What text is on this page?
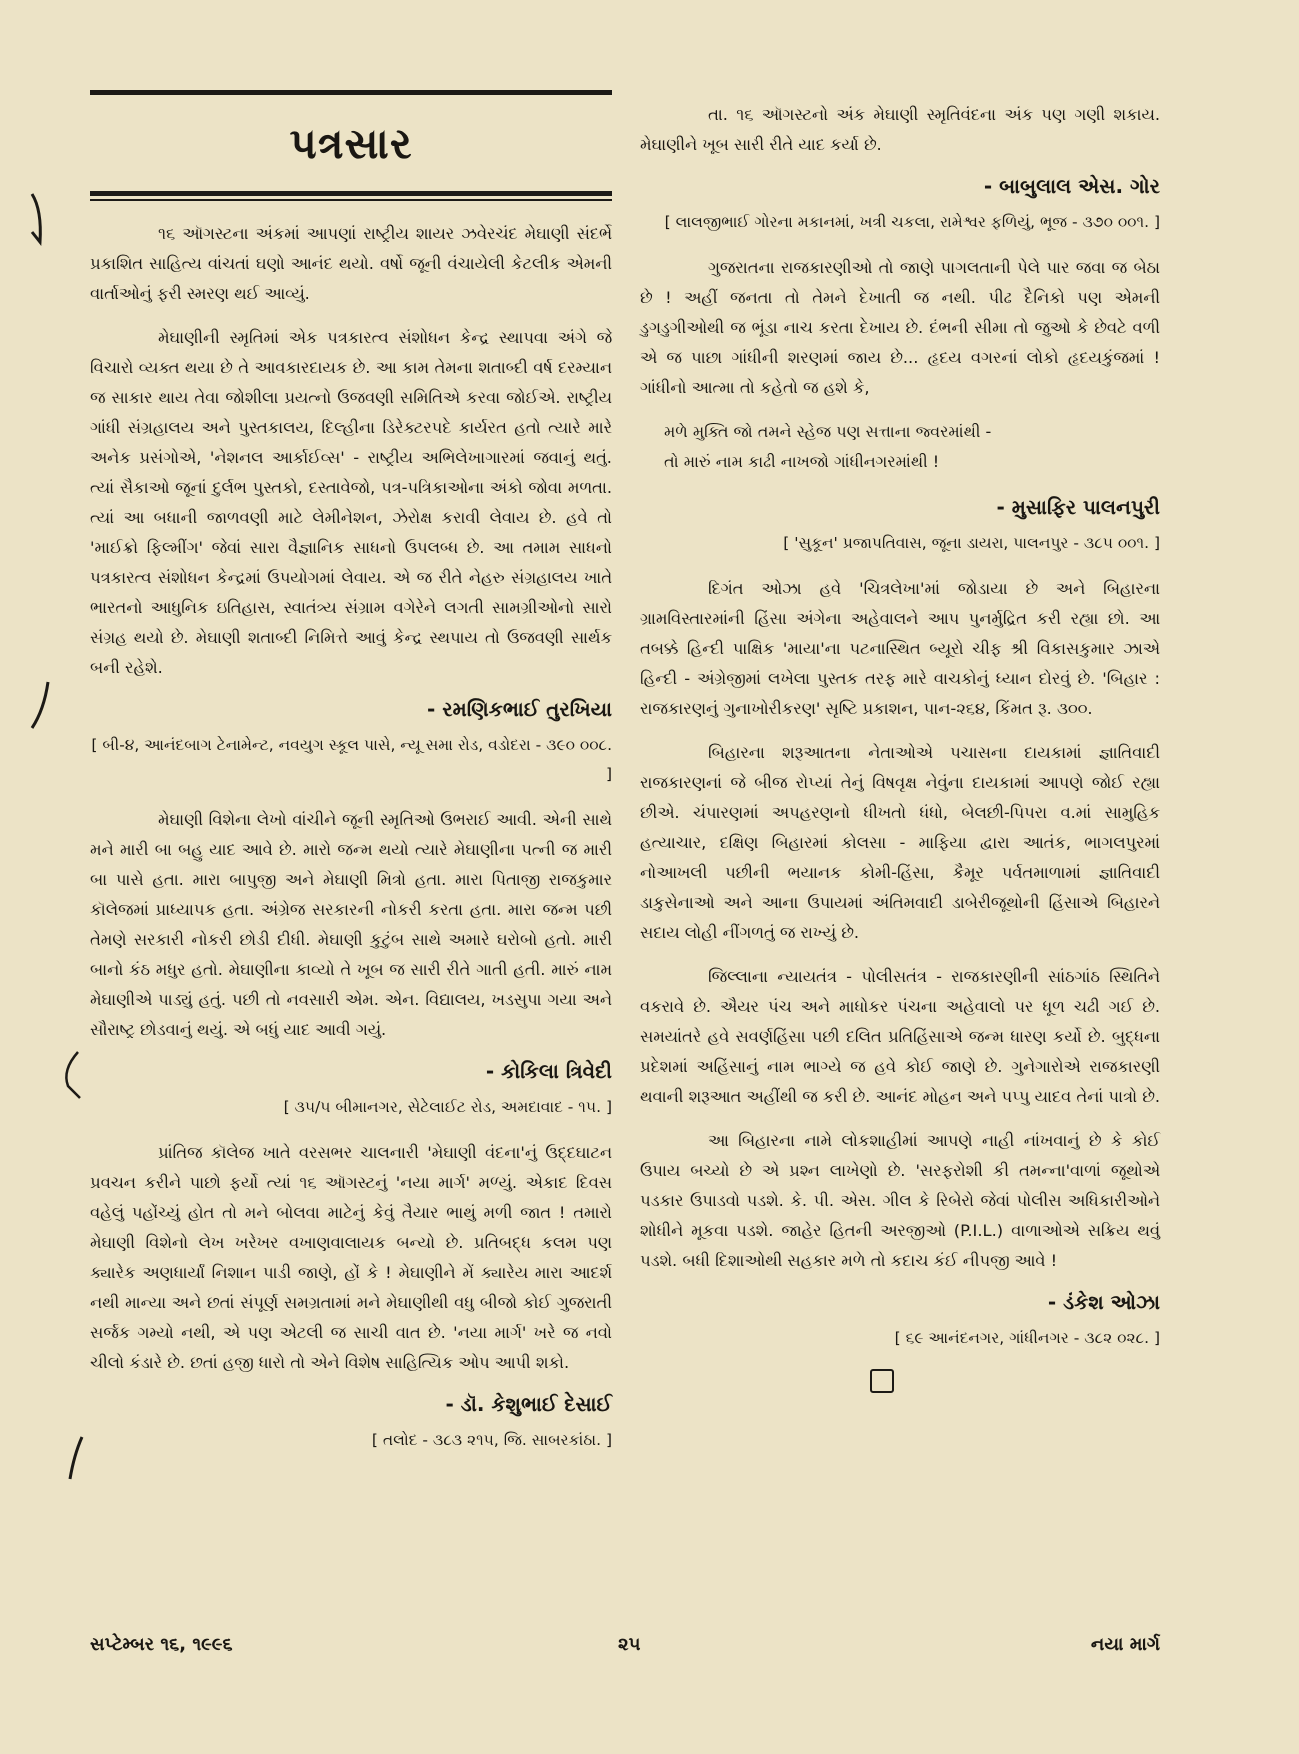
પત્રસાર

૧૬ ઑગસ્ટના અંકમાં આપણાં રાષ્ટ્રીય શાયર ઝવેરચંદ મેઘાણી સંદર્ભે પ્રકાશિત સાહિત્ય વાંચતાં ઘણો આનંદ થયો. વર્ષો જૂની વંચાયેલી કેટલીક એમની વાર્તાઓનું ફરી સ્મરણ થઈ આવ્યું.

મેઘાણીની સ્મૃતિમાં એક પત્રકારત્વ સંશોધન કેન્દ્ર સ્થાપવા અંગે જે વિચારો વ્યક્ત થયા છે તે આવકારદાયક છે. આ કામ તેમના શતાબ્દી વર્ષ દરમ્યાન જ સાકાર થાય તેવા જોશીલા પ્રયત્નો ઉજવણી સમિતિએ કરવા જોઈએ. રાષ્ટ્રીય ગાંધી સંગ્રહાલય અને પુસ્તકાલય, દિલ્હીના ડિરેક્ટરપદે કાર્યરત હતો ત્યારે મારે અનેક પ્રસંગોએ, 'નેશનલ આર્કાઈવ્સ' - રાષ્ટ્રીય અભિલેખાગારમાં જવાનું થતું. ત્યાં સૈકાઓ જૂનાં દુર્લભ પુસ્તકો, દસ્તાવેજો, પત્ર-પત્રિકાઓના અંકો જોવા મળતા. ત્યાં આ બધાની જાળવણી માટે લેમીનેશન, ઝેરોક્ષ કરાવી લેવાય છે. હવે તો 'માઈક્રો ફિલ્મીંગ' જેવાં સારા વૈજ્ઞાનિક સાધનો ઉપલબ્ધ છે. આ તમામ સાધનો પત્રકારત્વ સંશોધન કેન્દ્રમાં ઉપયોગમાં લેવાય. એ જ રીતે નેહરુ સંગ્રહાલય ખાતે ભારતનો આધુનિક ઇતિહાસ, સ્વાતંત્ર્ય સંગ્રામ વગેરેને લગતી સામગ્રીઓનો સારો સંગ્રહ થયો છે. મેઘાણી શતાબ્દી નિમિત્તે આવું કેન્દ્ર સ્થપાય તો ઉજવણી સાર્થક બની રહેશે.

- રમણિકભાઈ તુરખિયા
[ બી-૪, આનંદબાગ ટેનામેન્ટ, નવયુગ સ્કૂલ પાસે, ન્યૂ સમા રોડ, વડોદરા - ૩૯૦ ૦૦૮. ]

મેઘાણી વિશેના લેખો વાંચીને જૂની સ્મૃતિઓ ઉભરાઈ આવી. એની સાથે મને મારી બા બહુ યાદ આવે છે. મારો જન્મ થયો ત્યારે મેઘાણીના પત્ની જ મારી બા પાસે હતા. મારા બાપુજી અને મેઘાણી મિત્રો હતા. મારા પિતાજી રાજકુમાર કૉલેજમાં પ્રાધ્યાપક હતા. અંગ્રેજ સરકારની નોકરી કરતા હતા. મારા જન્મ પછી તેમણે સરકારી નોકરી છોડી દીધી. મેઘાણી કુટુંબ સાથે અમારે ઘરોબો હતો. મારી બાનો કંઠ મધુર હતો. મેઘાણીના કાવ્યો તે ખૂબ જ સારી રીતે ગાતી હતી. મારું નામ મેઘાણીએ પાડ્યું હતું. પછી તો નવસારી એમ. એન. વિદ્યાલય, ખડસુપા ગયા અને સૌરાષ્ટ્ર છોડવાનું થયું. એ બધું યાદ આવી ગયું.

- કોકિલા ત્રિવેદી
[ ૩૫/૫ બીમાનગર, સેટેલાઈટ રોડ, અમદાવાદ - ૧૫. ]

પ્રાંતિજ કૉલેજ ખાતે વરસભર ચાલનારી 'મેઘાણી વંદના'નું ઉદ્દઘાટન પ્રવચન કરીને પાછો ફર્યો ત્યાં ૧૬ ઑગસ્ટનું 'નયા માર્ગ' મળ્યું. એકાદ દિવસ વહેલું પહોંચ્યું હોત તો મને બોલવા માટેનું કેવું તૈયાર ભાથું મળી જાત ! તમારો મેઘાણી વિશેનો લેખ ખરેખર વખાણવાલાયક બન્યો છે. પ્રતિબદ્ધ કલમ પણ ક્યારેક અણધાર્યાં નિશાન પાડી જાણે, હોં કે ! મેઘાણીને મેં ક્યારેય મારા આદર્શ નથી માન્યા અને છતાં સંપૂર્ણ સમગ્રતામાં મને મેઘાણીથી વધુ બીજો કોઈ ગુજરાતી સર્જક ગમ્યો નથી, એ પણ એટલી જ સાચી વાત છે. 'નયા માર્ગ' ખરે જ નવો ચીલો કંડારે છે. છતાં હજી ધારો તો એને વિશેષ સાહિત્યિક ઓપ આપી શકો.

- ડૉ. કેશુભાઈ દેસાઈ
[ તલોદ - ૩૮૩ ૨૧૫, જિ. સાબરકાંઠા. ]

તા. ૧૬ ઑગસ્ટનો અંક મેઘાણી સ્મૃતિવંદના અંક પણ ગણી શકાય. મેઘાણીને ખૂબ સારી રીતે યાદ કર્યા છે.

- બાબુલાલ એસ. ગોર
[ લાલજીભાઈ ગોરના મકાનમાં, ખત્રી ચકલા, રામેશ્વર ફળિયું, ભૂજ - ૩૭૦ ૦૦૧. ]

ગુજરાતના રાજકારણીઓ તો જાણે પાગલતાની પેલે પાર જવા જ બેઠા છે ! અહીં જનતા તો તેમને દેખાતી જ નથી. પીઢ દૈનિકો પણ એમની ડુગડુગીઓથી જ ભૂંડા નાચ કરતા દેખાય છે. દંભની સીમા તો જુઓ કે છેવટે વળી એ જ પાછા ગાંધીની શરણમાં જાય છે... હૃદય વગરનાં લોકો હૃદયકુંજમાં ! ગાંધીનો આત્મા તો કહેતો જ હશે કે,

મળે મુક્તિ જો તમને સ્હેજ પણ સત્તાના જ્વરમાંથી -
તો મારું નામ કાઢી નાખજો ગાંધીનગરમાંથી !
- મુસાફિર પાલનપુરી
[ 'સુકૂન' પ્રજાપતિવાસ, જૂના ડાયરા, પાલનપુર - ૩૮૫ ૦૦૧. ]

દિગંત ઓઝા હવે 'ચિત્રલેખા'માં જોડાયા છે અને બિહારના ગ્રામવિસ્તારમાંની હિંસા અંગેના અહેવાલને આપ પુનર્મુદ્રિત કરી રહ્યા છો. આ તબક્કે હિન્દી પાક્ષિક 'માયા'ના પટનાસ્થિત બ્યૂરો ચીફ શ્રી વિકાસકુમાર ઝાએ હિન્દી - અંગ્રેજીમાં લખેલા પુસ્તક તરફ મારે વાચકોનું ધ્યાન દોરવું છે. 'બિહાર : રાજકારણનું ગુનાખોરીકરણ' સૃષ્ટિ પ્રકાશન, પાન-૨૬૪, કિંમત રૂ. ૩૦૦.

બિહારના શરૂઆતના નેતાઓએ પચાસના દાયકામાં જ્ઞાતિવાદી રાજકારણનાં જે બીજ રોપ્યાં તેનું વિષવૃક્ષ નેવુંના દાયકામાં આપણે જોઈ રહ્યા છીએ. ચંપારણમાં અપહરણનો ધીખતો ધંધો, બેલછી-પિપરા વ.માં સામુહિક હત્યાચાર, દક્ષિણ બિહારમાં કોલસા - માફિયા દ્વારા આતંક, ભાગલપુરમાં નોઆખલી પછીની ભયાનક કોમી-હિંસા, કૈમૂર પર્વતમાળામાં જ્ઞાતિવાદી ડાકુસેનાઓ અને આના ઉપાયમાં અંતિમવાદી ડાબેરીજૂથોની હિંસાએ બિહારને સદાય લોહી નીંગળતું જ રાખ્યું છે.

જિલ્લાના ન્યાયતંત્ર - પોલીસતંત્ર - રાજકારણીની સાંઠગાંઠ સ્થિતિને વકરાવે છે. ઐયર પંચ અને માધોકર પંચના અહેવાલો પર ધૂળ ચઢી ગઈ છે. સમયાંતરે હવે સવર્ણહિંસા પછી દલિત પ્રતિહિંસાએ જન્મ ધારણ કર્યો છે. બુદ્ધના પ્રદેશમાં અહિંસાનું નામ ભાગ્યે જ હવે કોઈ જાણે છે. ગુનેગારોએ રાજકારણી થવાની શરૂઆત અહીંથી જ કરી છે. આનંદ મોહન અને પપ્પુ યાદવ તેનાં પાત્રો છે.

આ બિહારના નામે લોકશાહીમાં આપણે નાહી નાંખવાનું છે કે કોઈ ઉપાય બચ્યો છે એ પ્રશ્ન લાખેણો છે. 'સરફરોશી કી તમન્ના'વાળાં જૂથોએ પડકાર ઉપાડવો પડશે. કે. પી. એસ. ગીલ કે રિબેરો જેવાં પોલીસ અધિકારીઓને શોધીને મૂકવા પડશે. જાહેર હિતની અરજીઓ (P.I.L.) વાળાઓએ સક્રિય થવું પડશે. બધી દિશાઓથી સહકાર મળે તો કદાચ કંઈ નીપજી આવે !

- ડંકેશ ઓઝા
[ ૬૯ આનંદનગર, ગાંધીનગર - ૩૮૨ ૦૨૮. ]
સપ્ટેમ્બર ૧૬, ૧૯૯૬	૨૫	નયા માર્ગ
